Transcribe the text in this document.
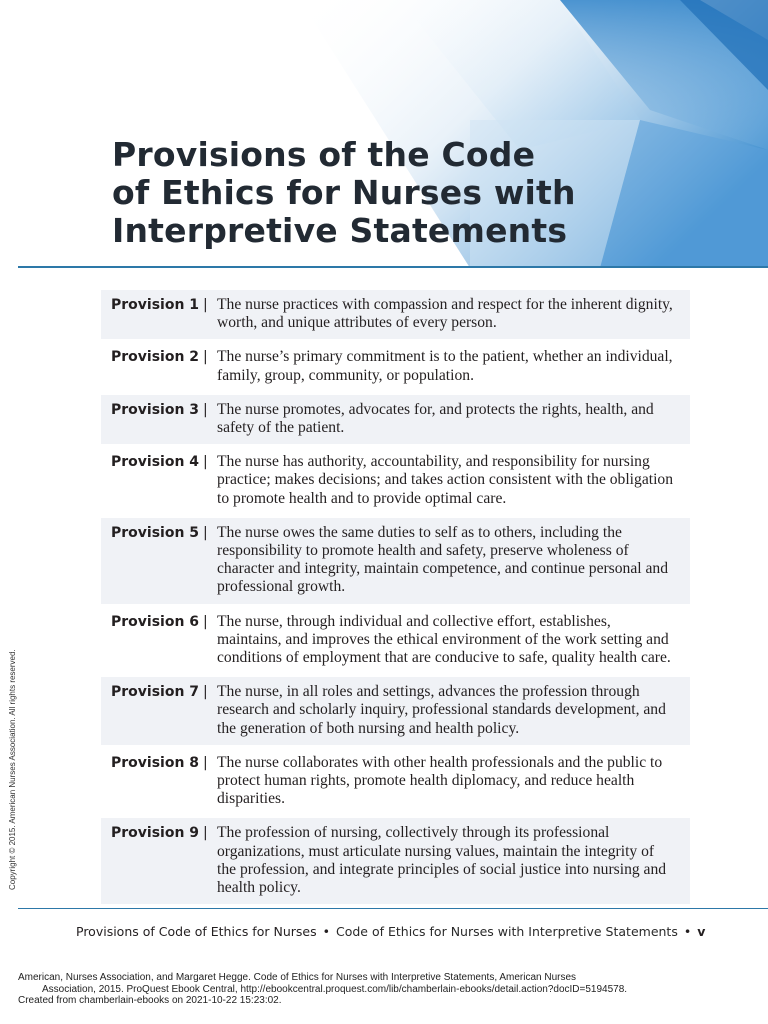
Provisions of the Code
of Ethics for Nurses with
Interpretive Statements
Provision 1 | The nurse practices with compassion and respect for the inherent dignity, worth, and unique attributes of every person.
Provision 2 | The nurse’s primary commitment is to the patient, whether an individual, family, group, community, or population.
Provision 3 | The nurse promotes, advocates for, and protects the rights, health, and safety of the patient.
Provision 4 | The nurse has authority, accountability, and responsibility for nursing practice; makes decisions; and takes action consistent with the obligation to promote health and to provide optimal care.
Provision 5 | The nurse owes the same duties to self as to others, including the responsibility to promote health and safety, preserve wholeness of character and integrity, maintain competence, and continue personal and professional growth.
Provision 6 | The nurse, through individual and collective effort, establishes, maintains, and improves the ethical environment of the work setting and conditions of employment that are conducive to safe, quality health care.
Provision 7 | The nurse, in all roles and settings, advances the profession through research and scholarly inquiry, professional standards development, and the generation of both nursing and health policy.
Provision 8 | The nurse collaborates with other health professionals and the public to protect human rights, promote health diplomacy, and reduce health disparities.
Provision 9 | The profession of nursing, collectively through its professional organizations, must articulate nursing values, maintain the integrity of the profession, and integrate principles of social justice into nursing and health policy.
Copyright © 2015. American Nurses Association. All rights reserved.
Provisions of Code of Ethics for Nurses • Code of Ethics for Nurses with Interpretive Statements • v
American, Nurses Association, and Margaret Hegge. Code of Ethics for Nurses with Interpretive Statements, American Nurses
Association, 2015. ProQuest Ebook Central, http://ebookcentral.proquest.com/lib/chamberlain-ebooks/detail.action?docID=5194578.
Created from chamberlain-ebooks on 2021-10-22 15:23:02.
